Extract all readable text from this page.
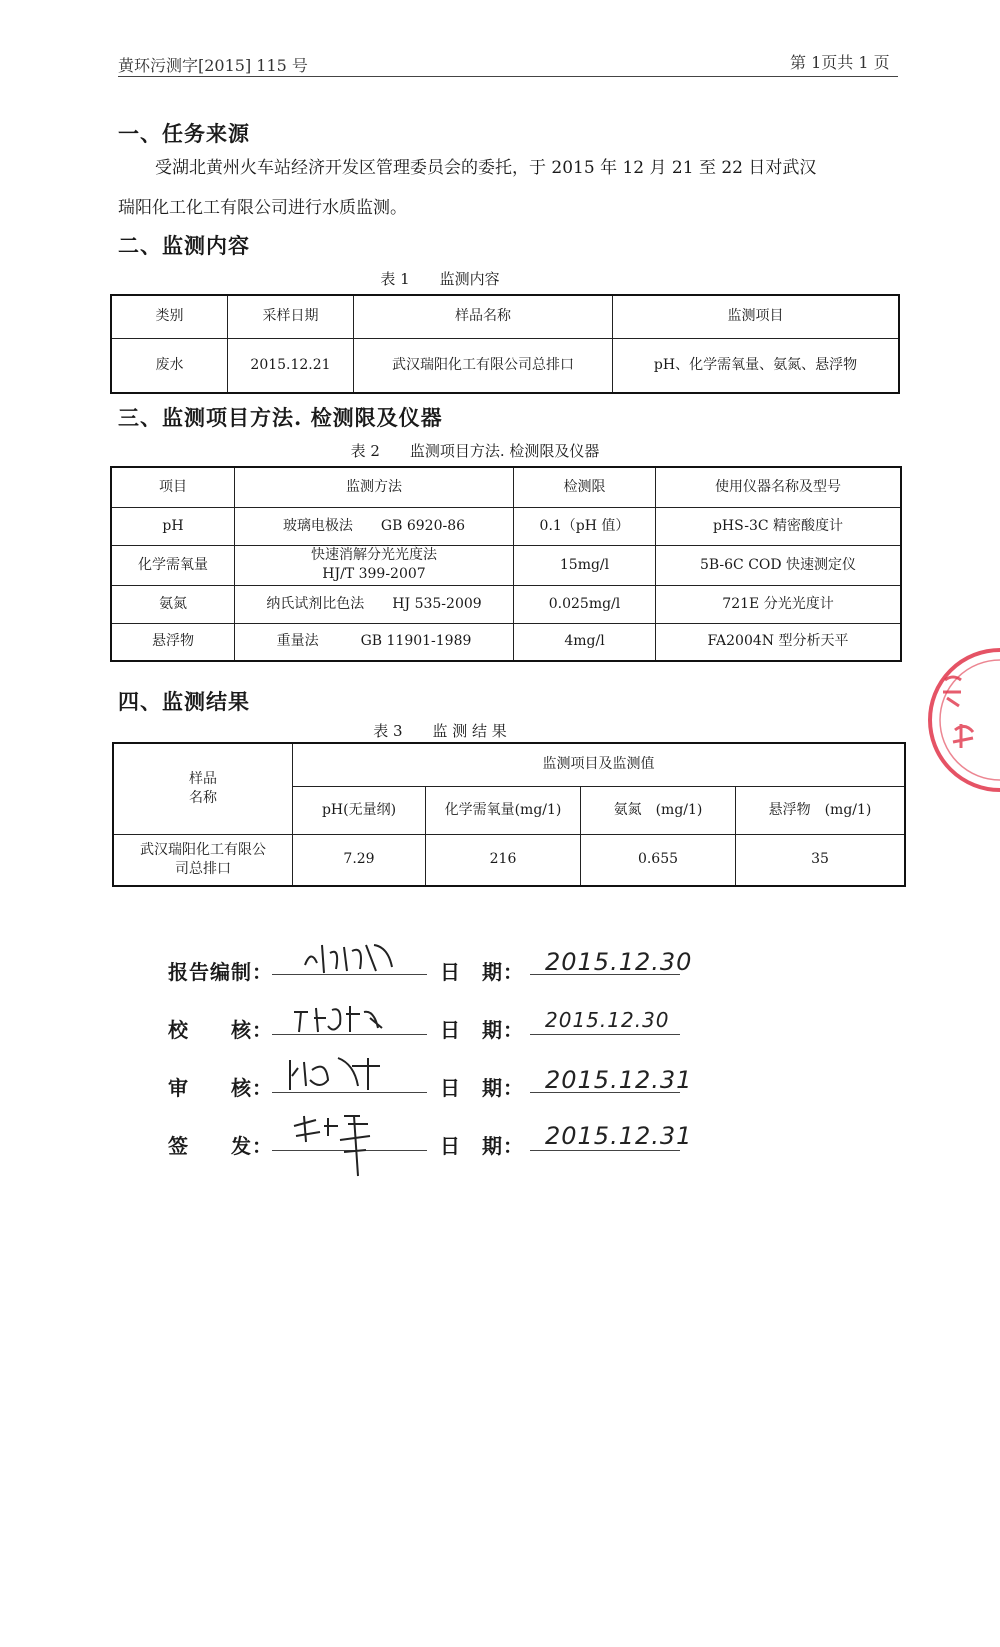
黄环污测字[2015] 115 号	第 1页共 1 页
一、任务来源
受湖北黄州火车站经济开发区管理委员会的委托，于 2015 年 12 月 21 至 22 日对武汉
瑞阳化工化工有限公司进行水质监测。
二、监测内容
表 1　　监测内容
类别	采样日期	样品名称	监测项目
废水	2015.12.21	武汉瑞阳化工有限公司总排口	pH、化学需氧量、氨氮、悬浮物
三、监测项目方法. 检测限及仪器
表 2　　监测项目方法. 检测限及仪器
项目	监测方法	检测限	使用仪器名称及型号
pH	玻璃电极法　　GB 6920-86	0.1（pH 值）	pHS-3C 精密酸度计
化学需氧量	快速消解分光光度法
HJ/T 399-2007	15mg/l	5B-6C COD 快速测定仪
氨氮	纳氏试剂比色法　　HJ 535-2009	0.025mg/l	721E 分光光度计
悬浮物	重量法　　　GB 11901-1989	4mg/l	FA2004N 型分析天平
四、监测结果
表 3　　监 测 结 果
样品
名称	监测项目及监测值			
	pH(无量纲)	化学需氧量(mg/1)	氨氮　(mg/1)	悬浮物　(mg/1)

武汉瑞阳化工有限公
司总排口	7.29	216	0.655	35
报告编制：	日　期： 2015.12.30
校　　核：	日　期： 2015.12.30
审　　核：	日　期： 2015.12.31
签　　发：	日　期： 2015.12.31
